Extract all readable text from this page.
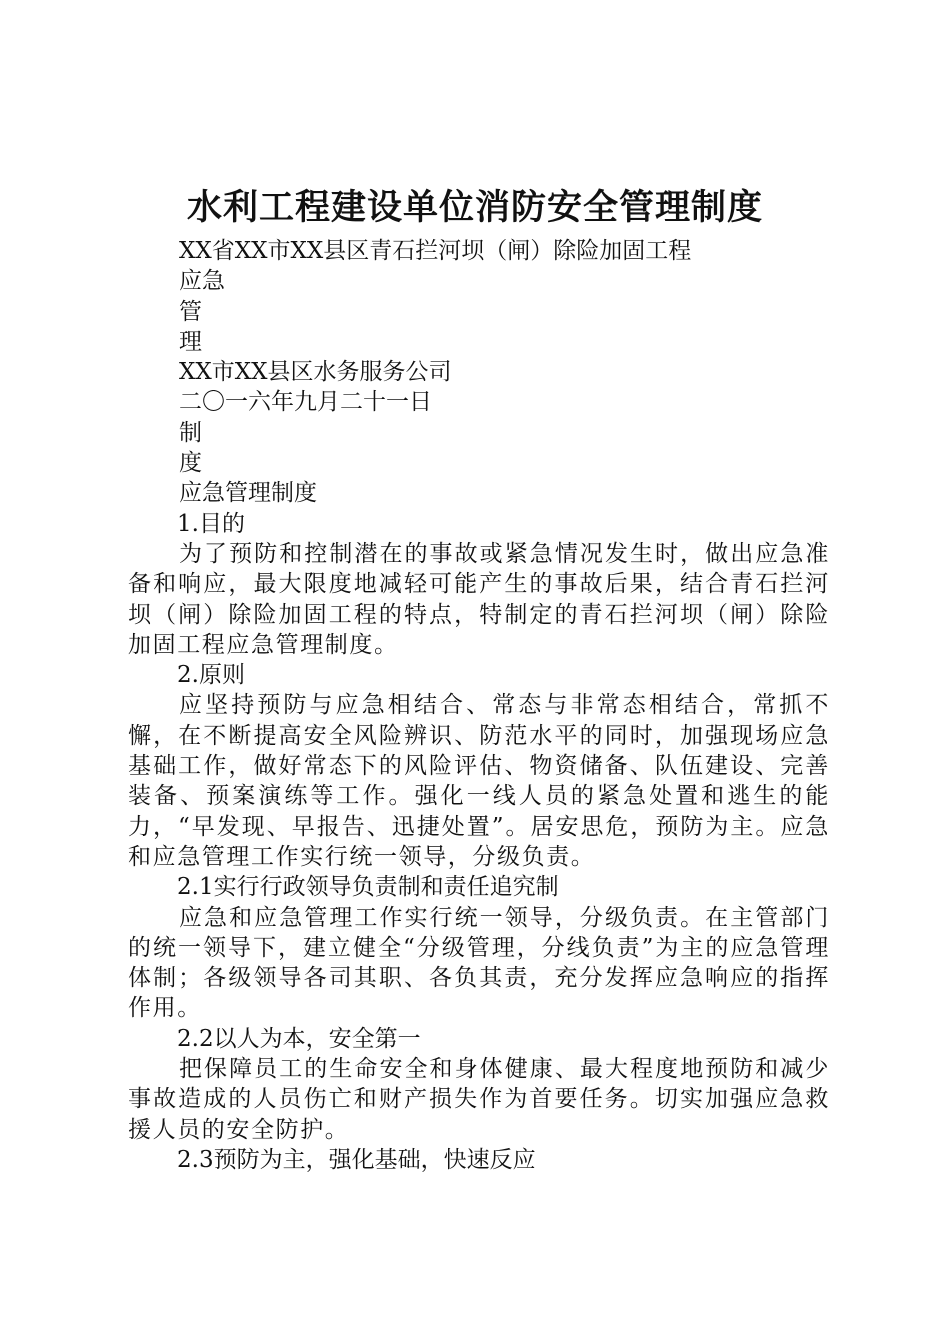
水利工程建设单位消防安全管理制度
XX省XX市XX县区青石拦河坝（闸）除险加固工程
应急
管
理
XX市XX县区水务服务公司
二〇一六年九月二十一日
制
度
应急管理制度
1.目的
为了预防和控制潜在的事故或紧急情况发生时，做出应急准备和响应，最大限度地减轻可能产生的事故后果，结合青石拦河坝（闸）除险加固工程的特点，特制定的青石拦河坝（闸）除险加固工程应急管理制度。
2.原则
应坚持预防与应急相结合、常态与非常态相结合，常抓不懈，在不断提高安全风险辨识、防范水平的同时，加强现场应急基础工作，做好常态下的风险评估、物资储备、队伍建设、完善装备、预案演练等工作。强化一线人员的紧急处置和逃生的能力，“早发现、早报告、迅捷处置”。居安思危，预防为主。应急和应急管理工作实行统一领导，分级负责。
2.1实行行政领导负责制和责任追究制
应急和应急管理工作实行统一领导，分级负责。在主管部门的统一领导下，建立健全“分级管理，分线负责”为主的应急管理体制；各级领导各司其职、各负其责，充分发挥应急响应的指挥作用。
2.2以人为本，安全第一
把保障员工的生命安全和身体健康、最大程度地预防和减少事故造成的人员伤亡和财产损失作为首要任务。切实加强应急救援人员的安全防护。
2.3预防为主，强化基础，快速反应
